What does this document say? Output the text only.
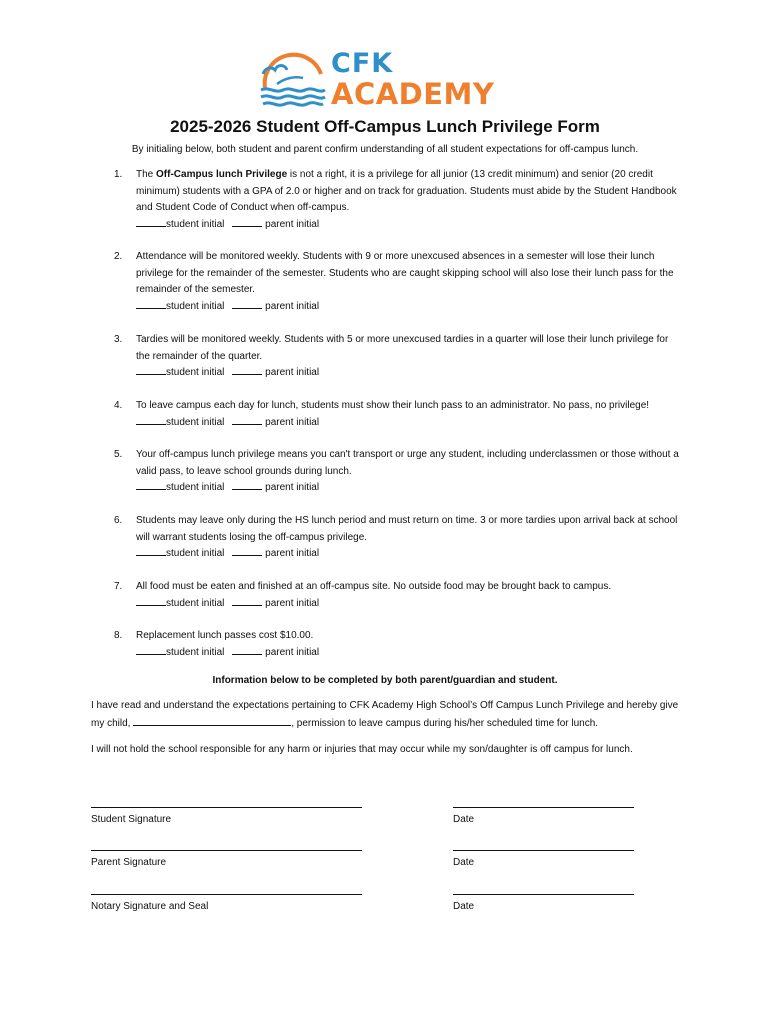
CFK
ACADEMY
2025-2026 Student Off-Campus Lunch Privilege Form
By initialing below, both student and parent confirm understanding of all student expectations for off-campus lunch.
1. The Off-Campus lunch Privilege is not a right, it is a privilege for all junior (13 credit minimum) and senior (20 credit minimum) students with a GPA of 2.0 or higher and on track for graduation. Students must abide by the Student Handbook and Student Code of Conduct when off-campus.
student initial	parent initial
2. Attendance will be monitored weekly. Students with 9 or more unexcused absences in a semester will lose their lunch privilege for the remainder of the semester. Students who are caught skipping school will also lose their lunch pass for the remainder of the semester.
student initial	parent initial
3. Tardies will be monitored weekly. Students with 5 or more unexcused tardies in a quarter will lose their lunch privilege for the remainder of the quarter.
student initial	parent initial
4. To leave campus each day for lunch, students must show their lunch pass to an administrator. No pass, no privilege!
student initial	parent initial
5. Your off-campus lunch privilege means you can't transport or urge any student, including underclassmen or those without a valid pass, to leave school grounds during lunch.
student initial	parent initial
6. Students may leave only during the HS lunch period and must return on time. 3 or more tardies upon arrival back at school will warrant students losing the off-campus privilege.
student initial	parent initial
7. All food must be eaten and finished at an off-campus site. No outside food may be brought back to campus.
student initial	parent initial
8. Replacement lunch passes cost $10.00.
student initial	parent initial
Information below to be completed by both parent/guardian and student.
I have read and understand the expectations pertaining to CFK Academy High School’s Off Campus Lunch Privilege and hereby give my child,	, permission to leave campus during his/her scheduled time for lunch.
I will not hold the school responsible for any harm or injuries that may occur while my son/daughter is off campus for lunch.
Student Signature	Date
Parent Signature	Date
Notary Signature and Seal	Date
